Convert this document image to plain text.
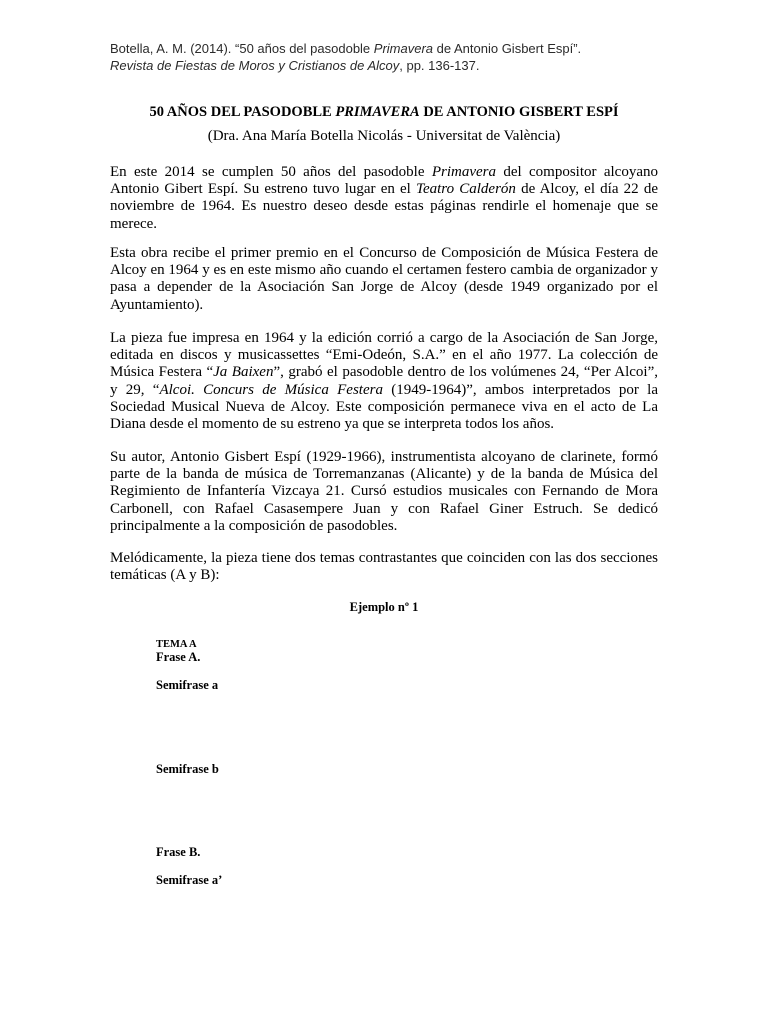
Botella, A. M. (2014). “50 años del pasodoble Primavera de Antonio Gisbert Espí”.
Revista de Fiestas de Moros y Cristianos de Alcoy, pp. 136-137.
50 AÑOS DEL PASODOBLE PRIMAVERA DE ANTONIO GISBERT ESPÍ
(Dra. Ana María Botella Nicolás - Universitat de València)

En este 2014 se cumplen 50 años del pasodoble Primavera del compositor alcoyano Antonio Gibert Espí. Su estreno tuvo lugar en el Teatro Calderón de Alcoy, el día 22 de noviembre de 1964. Es nuestro deseo desde estas páginas rendirle el homenaje que se merece.

Esta obra recibe el primer premio en el Concurso de Composición de Música Festera de Alcoy en 1964 y es en este mismo año cuando el certamen festero cambia de organizador y pasa a depender de la Asociación San Jorge de Alcoy (desde 1949 organizado por el Ayuntamiento).

La pieza fue impresa en 1964 y la edición corrió a cargo de la Asociación de San Jorge, editada en discos y musicassettes “Emi-Odeón, S.A.” en el año 1977. La colección de Música Festera “Ja Baixen”, grabó el pasodoble dentro de los volúmenes 24, “Per Alcoi”, y 29, “Alcoi. Concurs de Música Festera (1949-1964)”, ambos interpretados por la Sociedad Musical Nueva de Alcoy. Este composición permanece viva en el acto de La Diana desde el momento de su estreno ya que se interpreta todos los años.

Su autor, Antonio Gisbert Espí (1929-1966), instrumentista alcoyano de clarinete, formó parte de la banda de música de Torremanzanas (Alicante) y de la banda de Música del Regimiento de Infantería Vizcaya 21. Cursó estudios musicales con Fernando de Mora Carbonell, con Rafael Casasempere Juan y con Rafael Giner Estruch. Se dedicó principalmente a la composición de pasodobles.

Melódicamente, la pieza tiene dos temas contrastantes que coinciden con las dos secciones temáticas (A y B):

Ejemplo nº 1
TEMA A
Frase A.
Semifrase a
Semifrase b
Frase B.
Semifrase a’
